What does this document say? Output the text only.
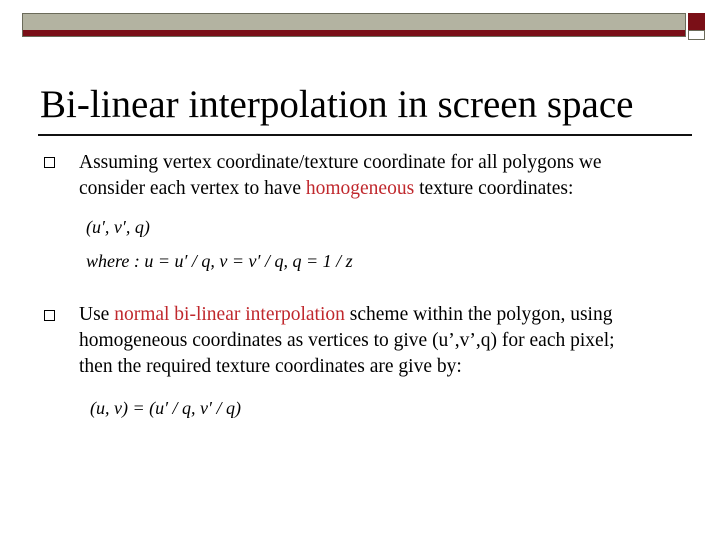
Bi-linear interpolation in screen space

Assuming vertex coordinate/texture coordinate for all polygons we
consider each vertex to have homogeneous texture coordinates:

(u′, v′, q)
where : u = u′ / q, v = v′ / q, q = 1 / z

Use normal bi-linear interpolation scheme within the polygon, using
homogeneous coordinates as vertices to give (u’,v’,q) for each pixel;
then the required texture coordinates are give by:

(u, v) = (u′ / q, v′ / q)
